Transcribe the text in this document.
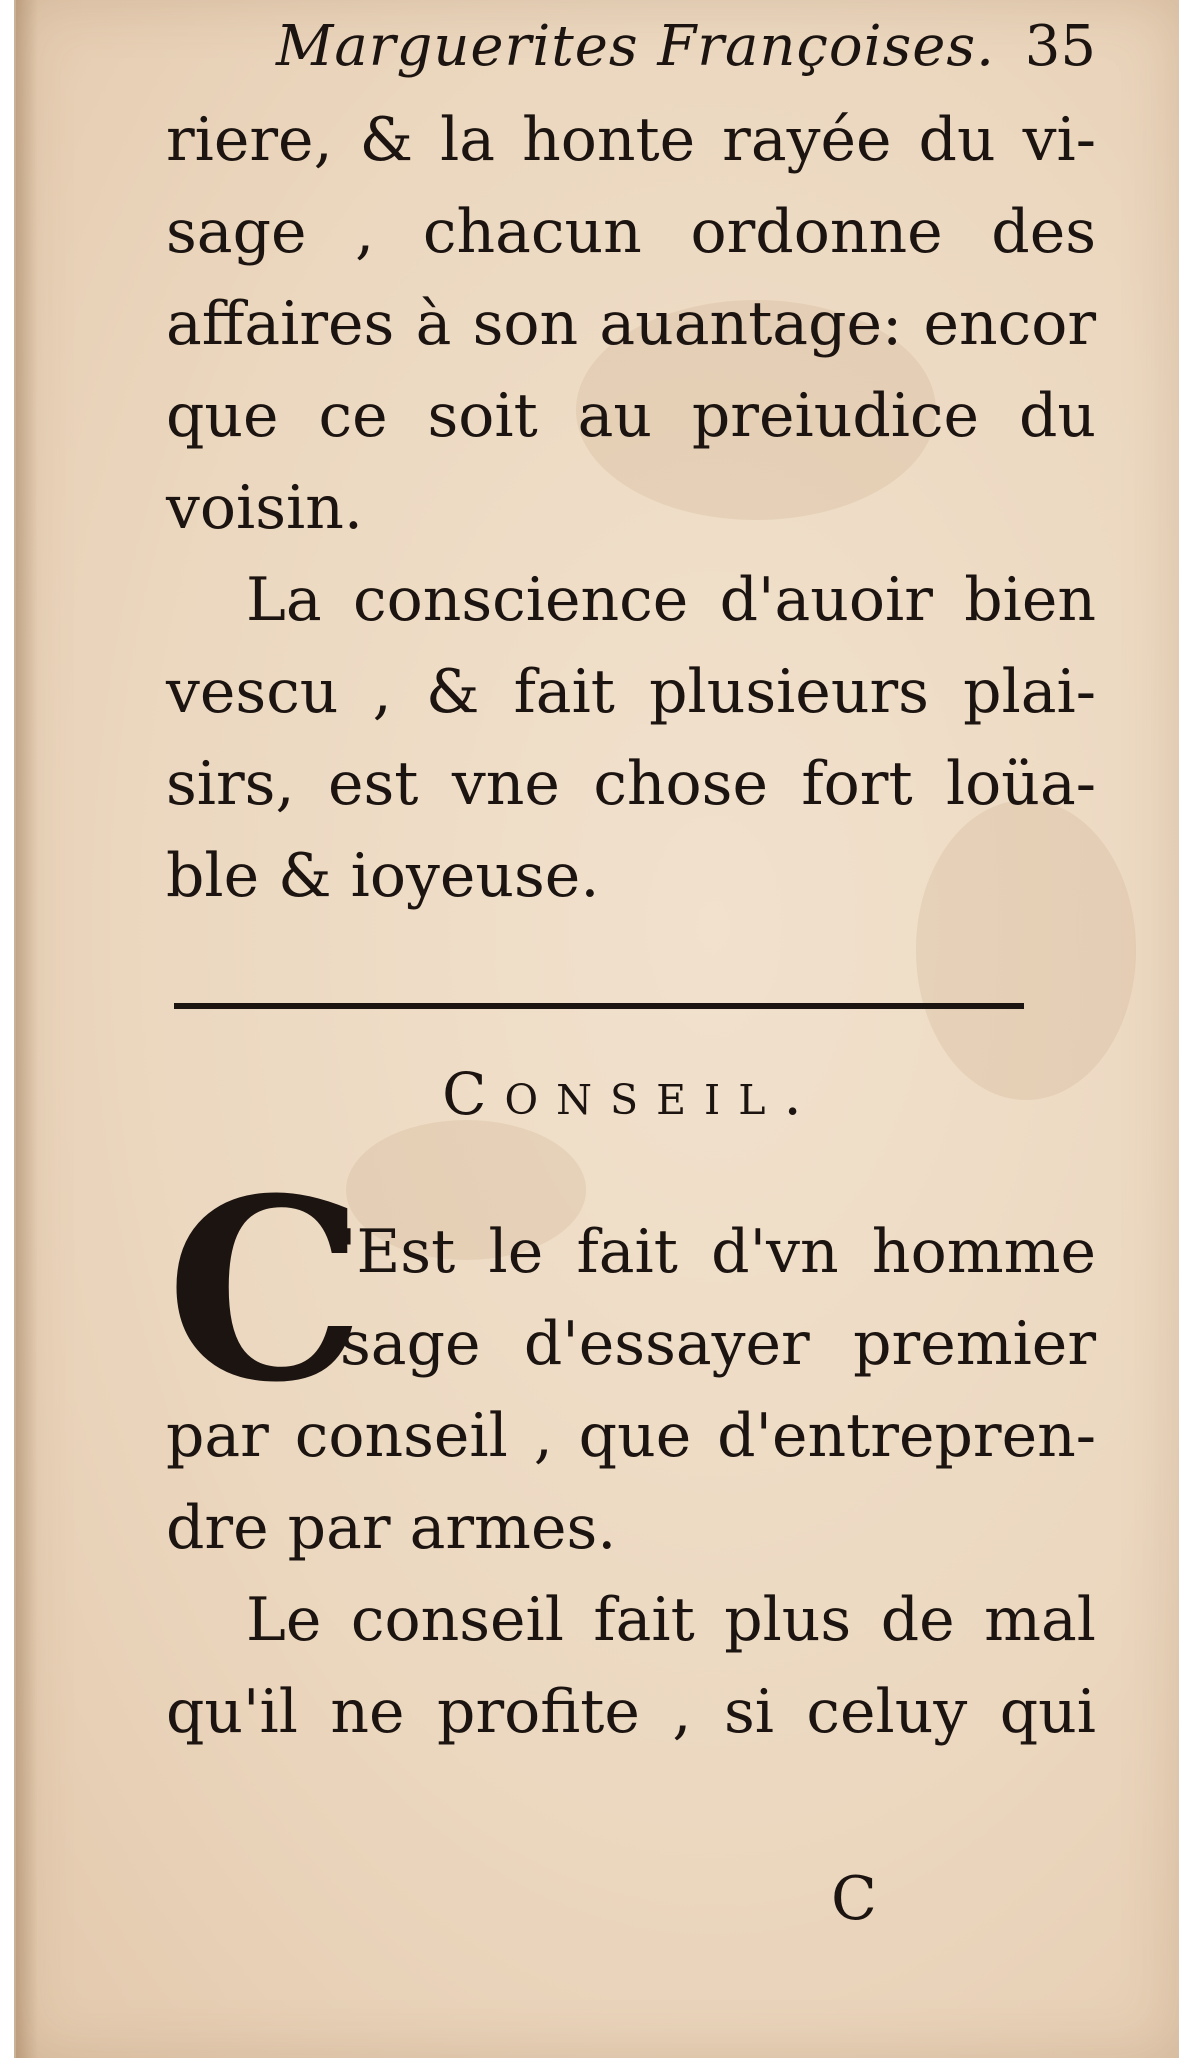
Marguerites Françoises. 35
riere, & la honte rayée du vi-
sage , chacun ordonne des
affaires à son auantage: encor
que ce soit au preiudice du
voisin.
La conscience d'auoir bien
vescu , & fait plusieurs plai-
sirs, est vne chose fort loüa-
ble & ioyeuse.
Conseil.
C
'Est le fait d'vn homme
sage d'essayer premier
par conseil , que d'entrepren-
dre par armes.
Le conseil fait plus de mal
qu'il ne profite , si celuy qui
C
